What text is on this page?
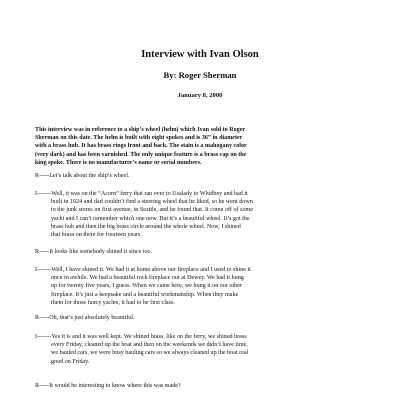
Interview with Ivan Olson
By: Roger Sherman
January 8, 2000
This interview was in reference to a ship’s wheel (helm) which Ivan sold to Roger
Sherman on this date. The helm is built with eight spokes and is 36” in diameter
with a brass hub. It has brass rings front and back. The stain is a mahogany color
(very dark) and has been varnished. The only unique feature is a brass cap on the
king spoke. There is no manufacturer’s name or serial numbers.
R-----Let’s talk about the ship’s wheel.
I-------Well, it was on the “Acorn” ferry that ran over to Usalady to Whidbey and had it
built in 1924 and dad couldn’t find a steering wheel that he liked, so he went down
to the junk stores on first avenue, in Seattle, and he found that. It come off of some
yacht and I can’t remember which one now. But it’s a beautiful wheel. It’s got the
brass hub and then the big brass circle around the whole wheel. Now, I shined
that brass on there for fourteen years.
R-----It looks like somebody shined it since too.
I-------Well, I have shined it. We had it at home above our fireplace and I used to shine it
once in awhile. We had a beautiful rock fireplace out at Dewey. We had it hung
up for twenty five years, I guess. When we came here, we hung it on our other
fireplace. It’s just a keepsake and a beautiful workmanship. When they make
them for those fancy yachts, it had to be first class.
R-----Oh, that’s just absolutely beautiful.
I-------Yes it is and it was well kept. We shined brass, like on the ferry, we shined brass
every Friday, cleaned up the boat and then on the weekends we didn’t have time,
we hauled cars, we were busy hauling cars so we always cleaned up the boat real
good on Friday.
R-----It would be interesting to know where this was made?
